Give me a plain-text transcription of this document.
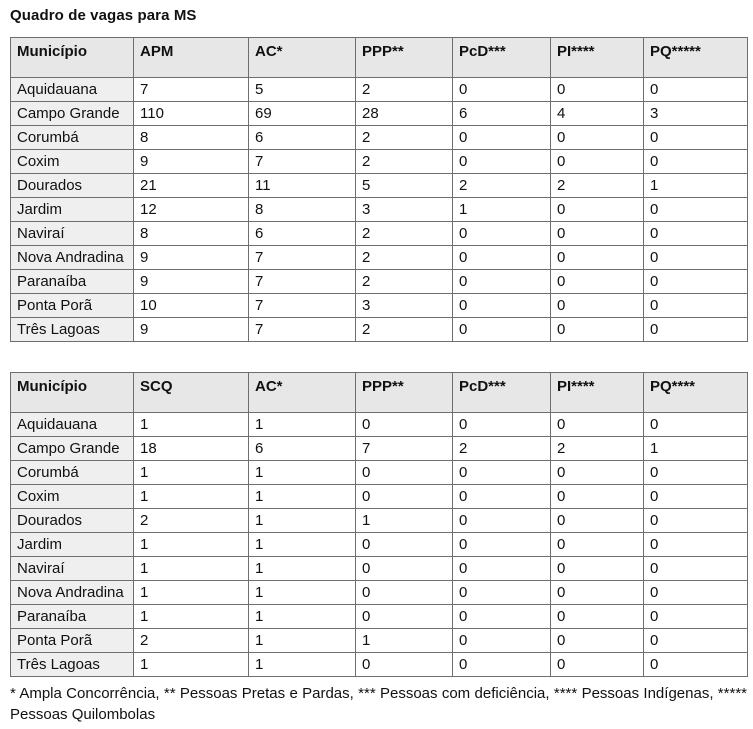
Quadro de vagas para MS
Município	APM	AC*	PPP**	PcD***	PI****	PQ*****
Aquidauana	7	5	2	0	0	0
Campo Grande	110	69	28	6	4	3
Corumbá	8	6	2	0	0	0
Coxim	9	7	2	0	0	0
Dourados	21	11	5	2	2	1
Jardim	12	8	3	1	0	0
Naviraí	8	6	2	0	0	0
Nova Andradina	9	7	2	0	0	0
Paranaíba	9	7	2	0	0	0
Ponta Porã	10	7	3	0	0	0
Três Lagoas	9	7	2	0	0	0
Município	SCQ	AC*	PPP**	PcD***	PI****	PQ****
Aquidauana	1	1	0	0	0	0
Campo Grande	18	6	7	2	2	1
Corumbá	1	1	0	0	0	0
Coxim	1	1	0	0	0	0
Dourados	2	1	1	0	0	0
Jardim	1	1	0	0	0	0
Naviraí	1	1	0	0	0	0
Nova Andradina	1	1	0	0	0	0
Paranaíba	1	1	0	0	0	0
Ponta Porã	2	1	1	0	0	0
Três Lagoas	1	1	0	0	0	0
* Ampla Concorrência, ** Pessoas Pretas e Pardas, *** Pessoas com deficiência, **** Pessoas Indígenas, *****
Pessoas Quilombolas
